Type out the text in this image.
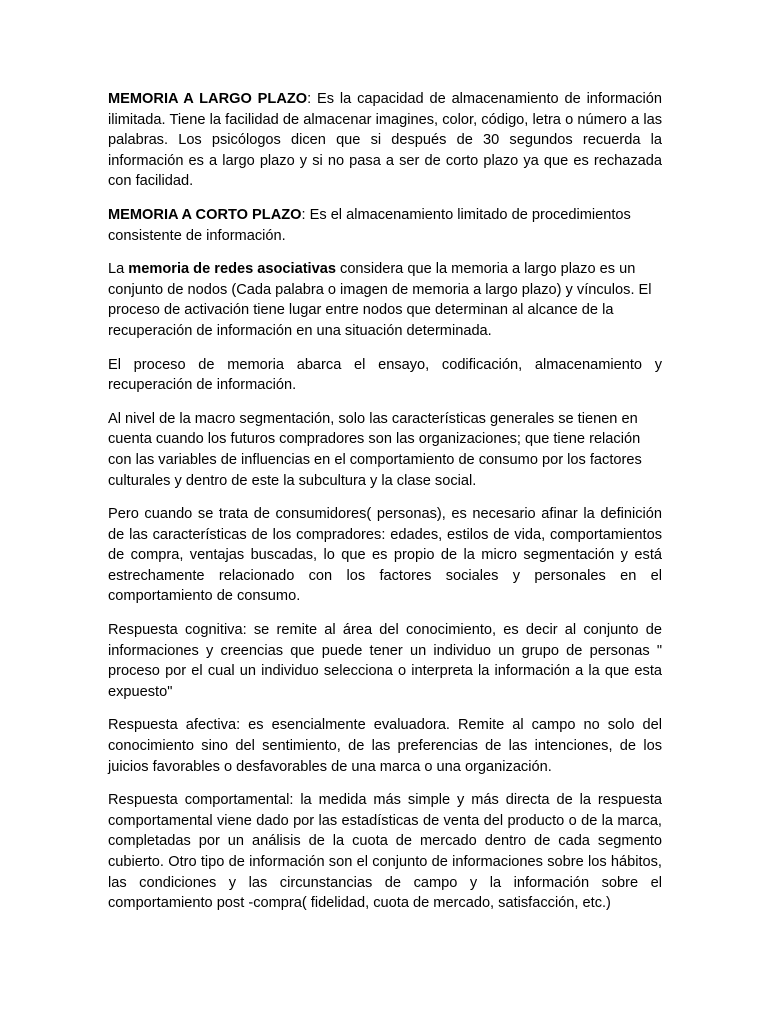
MEMORIA A LARGO PLAZO: Es la capacidad de almacenamiento de información ilimitada. Tiene la facilidad de almacenar imagines, color, código, letra o número a las palabras. Los psicólogos dicen que si después de 30 segundos recuerda la información es a largo plazo y si no pasa a ser de corto plazo ya que es rechazada con facilidad.

MEMORIA A CORTO PLAZO: Es el almacenamiento limitado de procedimientos consistente de información.

La memoria de redes asociativas considera que la memoria a largo plazo es un conjunto de nodos (Cada palabra o imagen de memoria a largo plazo) y vínculos. El proceso de activación tiene lugar entre nodos que determinan al alcance de la recuperación de información en una situación determinada.

El proceso de memoria abarca el ensayo, codificación, almacenamiento y recuperación de información.

Al nivel de la macro segmentación, solo las características generales se tienen en cuenta cuando los futuros compradores son las organizaciones; que tiene relación con las variables de influencias en el comportamiento de consumo por los factores culturales y dentro de este la subcultura y la clase social.

Pero cuando se trata de consumidores( personas), es necesario afinar la definición de las características de los compradores: edades, estilos de vida, comportamientos de compra, ventajas buscadas, lo que es propio de la micro segmentación y está estrechamente relacionado con los factores sociales y personales en el comportamiento de consumo.

Respuesta cognitiva: se remite al área del conocimiento, es decir al conjunto de informaciones y creencias que puede tener un individuo un grupo de personas " proceso por el cual un individuo selecciona o interpreta la información a la que esta expuesto"

Respuesta afectiva: es esencialmente evaluadora. Remite al campo no solo del conocimiento sino del sentimiento, de las preferencias de las intenciones, de los juicios favorables o desfavorables de una marca o una organización.

Respuesta comportamental: la medida más simple y más directa de la respuesta comportamental viene dado por las estadísticas de venta del producto o de la marca, completadas por un análisis de la cuota de mercado dentro de cada segmento cubierto. Otro tipo de información son el conjunto de informaciones sobre los hábitos, las condiciones y las circunstancias de campo y la información sobre el comportamiento post -compra( fidelidad, cuota de mercado, satisfacción, etc.)
